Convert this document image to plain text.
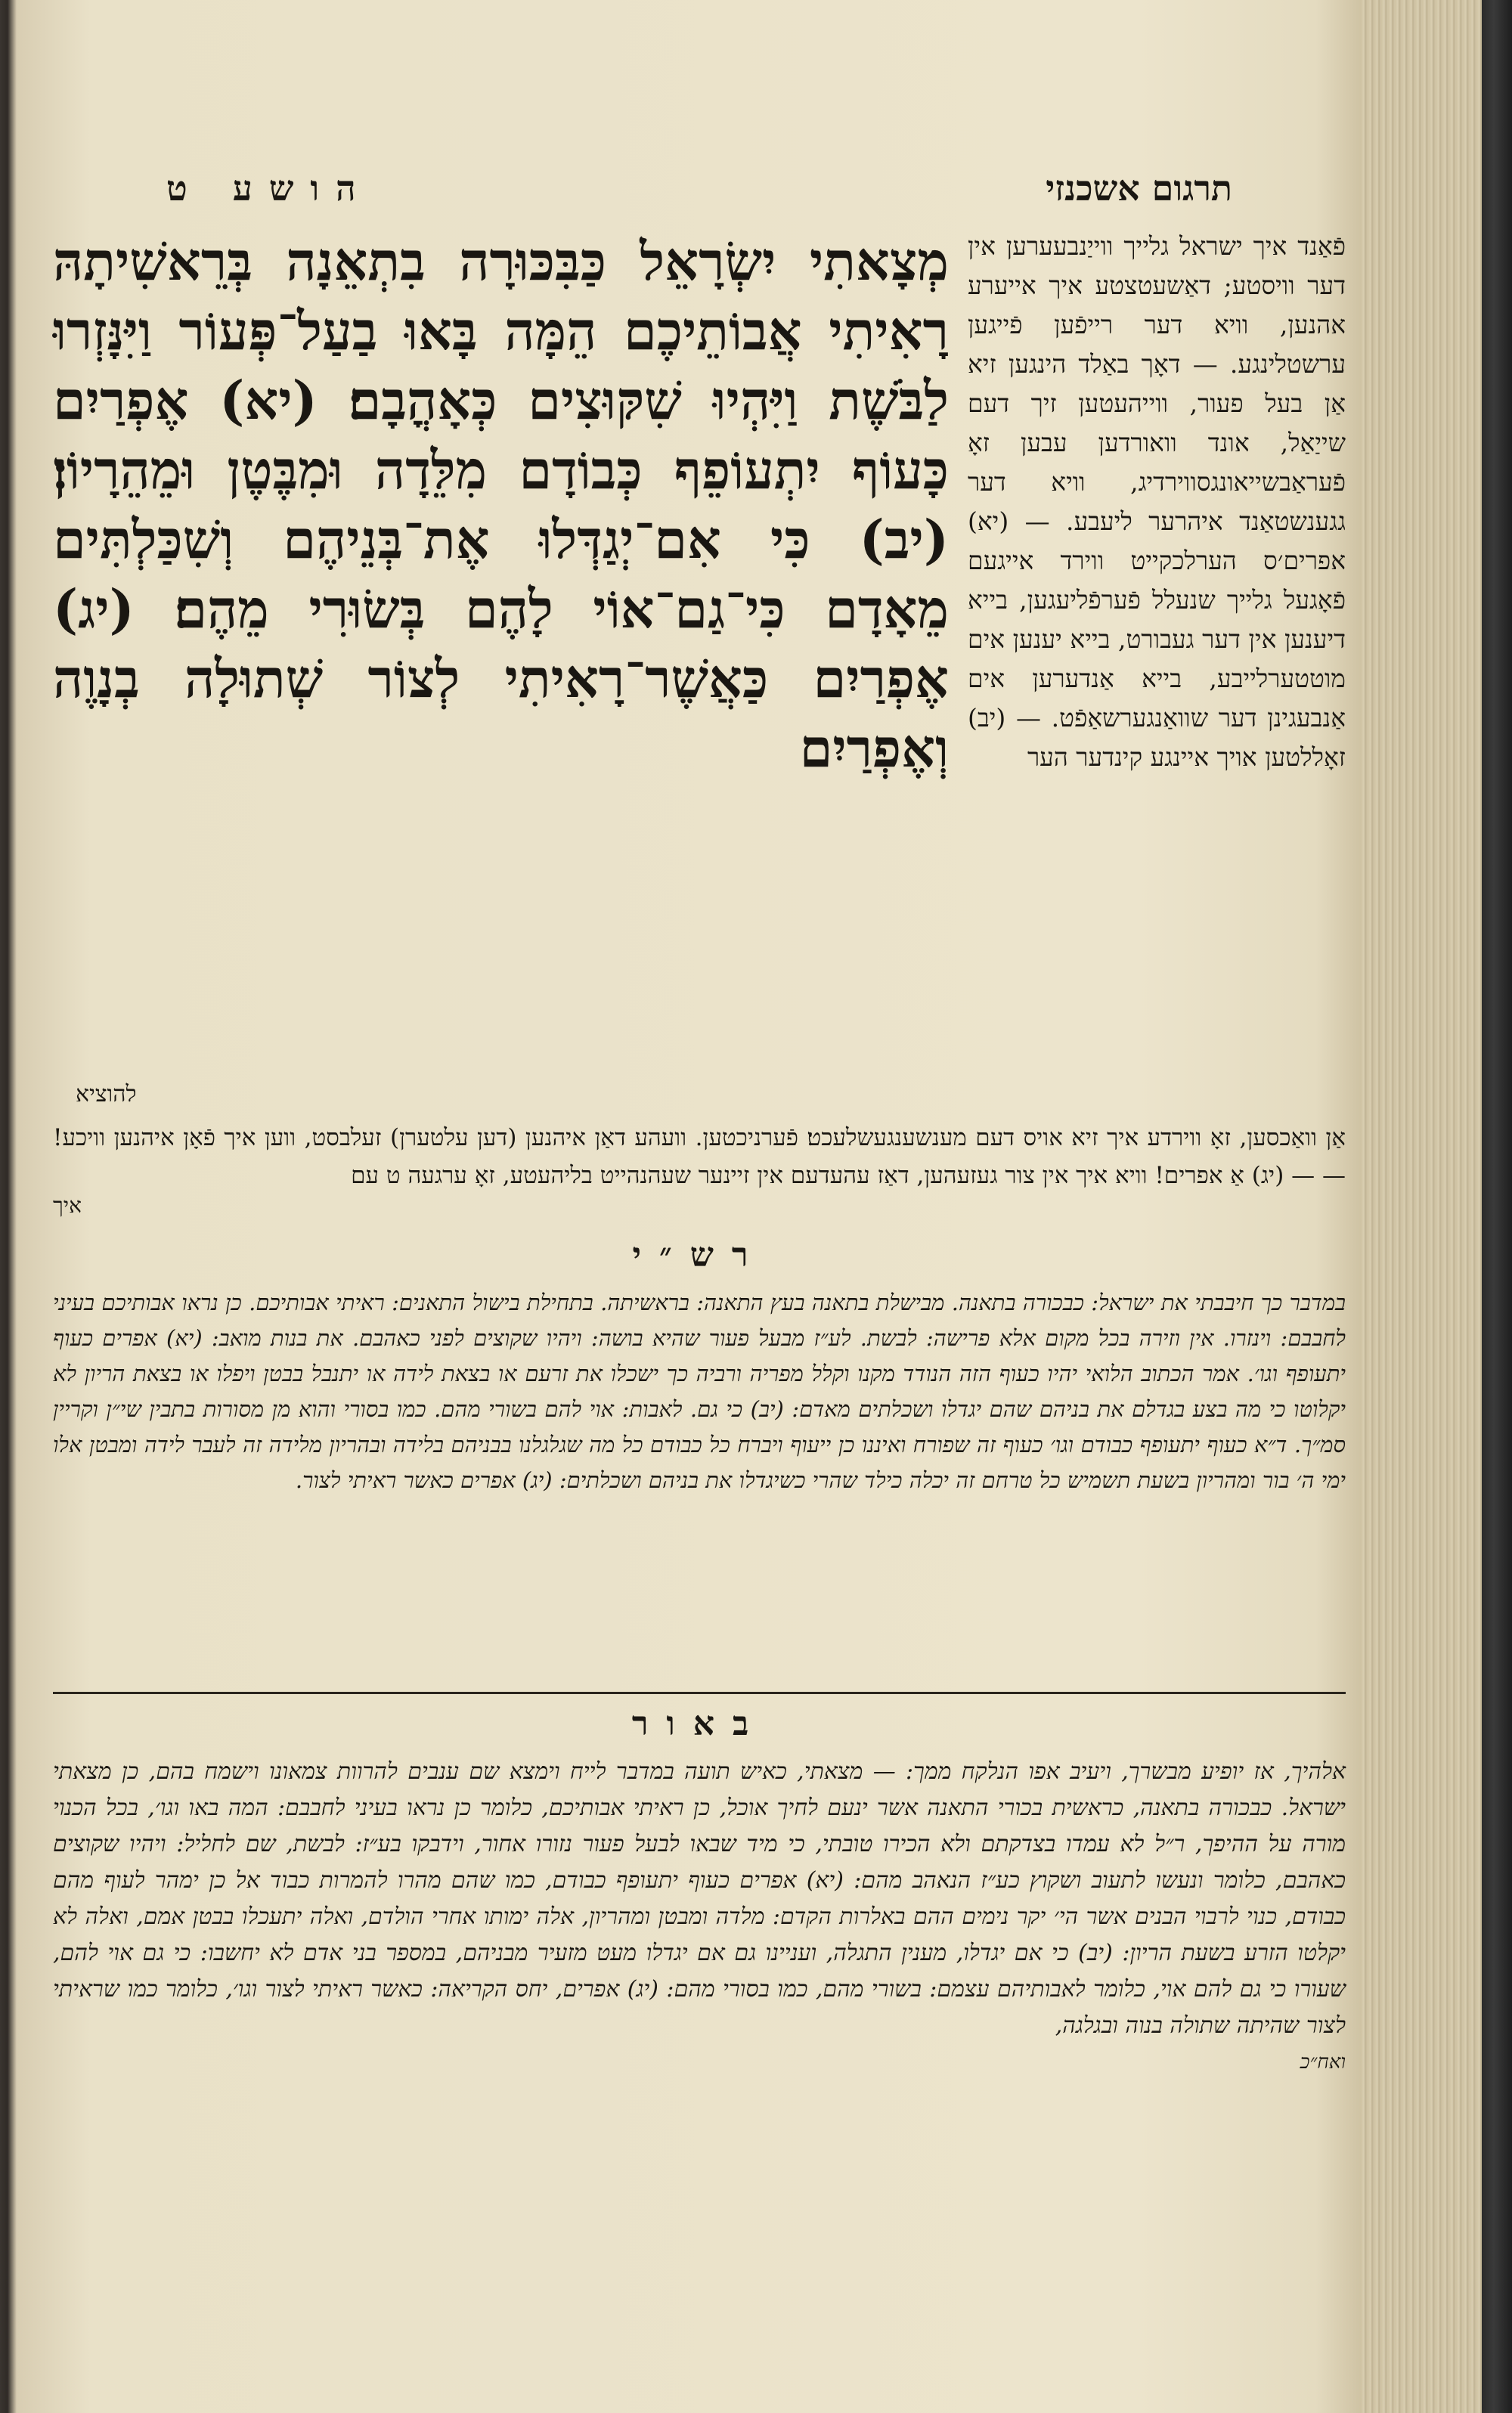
תרגום אשכנזי
הושע ט
פֿאַנד איך ישראל גלייך ווייַנבעערען אין דער וויסטע; דאַשעטצטע איך אייערע אהנען, וויא דער רייפֿען פֿייגען ערשטלינגע. — דאָך באַלד הינגען זיא אַן בעל פעור, ווייהעטען זיך דעם שייַאַל, אונד וואורדען עבען זאָ פֿעראַבשייאונגסווירדיג, וויא דער גגענשטאַנד איהרער ליעבע. — (יא) אפרים׳ס הערלכקייט ווירד אייגעם פֿאָגעל גלייך שנעלל פֿערפֿליעגען, בייא דיענען אין דער געבורט, בייא יענען אים מוטטערלייבע, בייא אַנדערען אים אַנבעגינן דער שוואַנגערשאַפֿט. — (יב) זאָללטען אויך איינגע קינדער הער
מְצָאתִי יִשְׂרָאֵל כַּבִּכּוּרָה בִתְאֵנָה בְּרֵאשִׁיתָהּ רָאִיתִי אֲבוֹתֵיכֶם הֵמָּה בָּאוּ בַעַל־פְּעוֹר וַיִּנָּזְרוּ לַבֹּשֶׁת וַיִּהְיוּ שִׁקּוּצִים כְּאָהֳבָם׃ (יא) אֶפְרַיִם כָּעוֹף יִתְעוֹפֵף כְּבוֹדָם מִלֵּדָה וּמִבֶּטֶן וּמֵהֵרָיוֹן׃ (יב) כִּי אִם־יְגַדְּלוּ אֶת־בְּנֵיהֶם וְשִׁכַּלְתִּים מֵאָדָם כִּי־גַם־אוֹי לָהֶם בְּשׂוּרִי מֵהֶם׃ (יג) אֶפְרַיִם כַּאֲשֶׁר־רָאִיתִי לְצוֹר שְׁתוּלָה בְנָוֶה וְאֶפְרַיִם
להוציא
אַן וואַכסען, זאָ ווירדע איך זיא אויס דעם מענשענגעשלעכט׃ פֿערניכטען. וועהע דאַן איהנען (דען עלטערן) זעלבסט, ווען איך פֿאָן איהנען וויכע! — — (יג) אַ אפרים! וויא איך אין צור געזעהען, דאַז עהעדעם אין זיינער שעהנהייט בליהעטע, זאָ ערגעה ט עם
איך
רש״י
במדבר כך חיבבתי את ישראל: כבכורה בתאנה. מבישלת בתאנה בעץ התאנה: בראשיתה. בתחילת בישול התאנים: ראיתי אבותיכם. כן נראו אבותיכם בעיני לחבבם: וינזרו. אין וזירה בכל מקום אלא פרישה: לבשת. לע״ז מבעל פעור שהיא בושה: ויהיו שקוצים לפני כאהבם. את בנות מואב: (יא) אפרים כעוף יתעופף וגו׳. אמר הכתוב הלואי יהיו כעוף הזה הנודד מקנו וקלל מפריה ורביה כך ישכלו את זרעם או בצאת לידה או יתנבל בבטן ויפלו או בצאת הריון לא יקלוטו כי מה בצע בגדלם את בניהם שהם יגדלו ושכלתים מאדם: (יב) כי גם. לאבות: אוי להם בשורי מהם. כמו בסורי והוא מן מסורות בתבין שי״ן וקריין סמ״ך. ד״א כעוף יתעופף כבודם וגו׳ כעוף זה שפורח ואיננו כן ייעוף ויברח כל כבודם כל מה שגלגלנו בבניהם בלידה ובהריון מלידה זה לעבר לידה ומבטן אלו ימי ה׳ בור ומהריון בשעת תשמיש כל טרחם זה יכלה כילד שהרי כשיגדלו את בניהם ושכלתים: (יג) אפרים כאשר ראיתי לצור.
באור
אלהיך, אז יופיע מבשרך, ויעיב אפו הנלקח ממך: — מצאתי, כאיש תועה במדבר לייח וימצא שם ענבים להרוות צמאונו וישמח בהם, כן מצאתי ישראל. כבכורה בתאנה, כראשית בכורי התאנה אשר ינעם לחיך אוכל, כן ראיתי אבותיכם, כלומר כן נראו בעיני לחבבם: המה באו וגו׳, בכל הכנוי מורה על ההיפך, ר״ל לא עמדו בצדקתם ולא הכירו טובתי, כי מיד שבאו לבעל פעור נזורו אחור, וידבקו בע״ז: לבשת, שם לחליל: ויהיו שקוצים כאהבם, כלומר ונעשו לתעוב ושקוץ כע״ז הנאהב מהם: (יא) אפרים כעוף יתעופף כבודם, כמו שהם מהרו להמרות כבוד אל כן ימהר לעוף מהם כבודם, כנוי לרבוי הבנים אשר הי׳ יקר נימים ההם באלרות הקדם: מלדה ומבטן ומהריון, אלה ימותו אחרי הולדם, ואלה יתעכלו בבטן אמם, ואלה לא יקלטו הזרע בשעת הריון: (יב) כי אם יגדלו, מענין התגלה, ועניינו גם אם יגדלו מעט מזעיר מבניהם, במספר בני אדם לא יחשבו: כי גם אוי להם, שעורו כי גם להם אוי, כלומר לאבותיהם עצמם: בשורי מהם, כמו בסורי מהם: (יג) אפרים, יחס הקריאה: כאשר ראיתי לצור וגו׳, כלומר כמו שראיתי לצור שהיתה שתולה בנוה ובגלגה,
ואח״כ
